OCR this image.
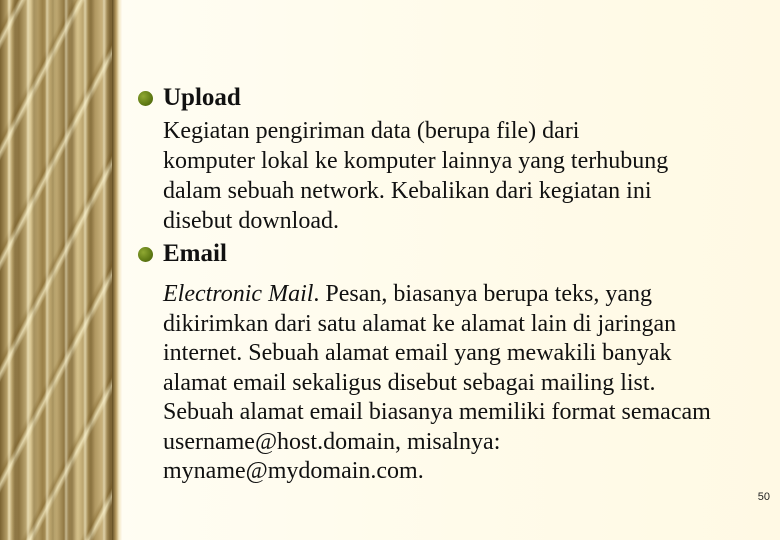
Upload
Kegiatan pengiriman data (berupa file) dari
komputer lokal ke komputer lainnya yang terhubung
dalam sebuah network. Kebalikan dari kegiatan ini
disebut download.
Email
Electronic Mail. Pesan, biasanya berupa teks, yang
dikirimkan dari satu alamat ke alamat lain di jaringan
internet. Sebuah alamat email yang mewakili banyak
alamat email sekaligus disebut sebagai mailing list.
Sebuah alamat email biasanya memiliki format semacam
username@host.domain, misalnya:
myname@mydomain.com.
50
